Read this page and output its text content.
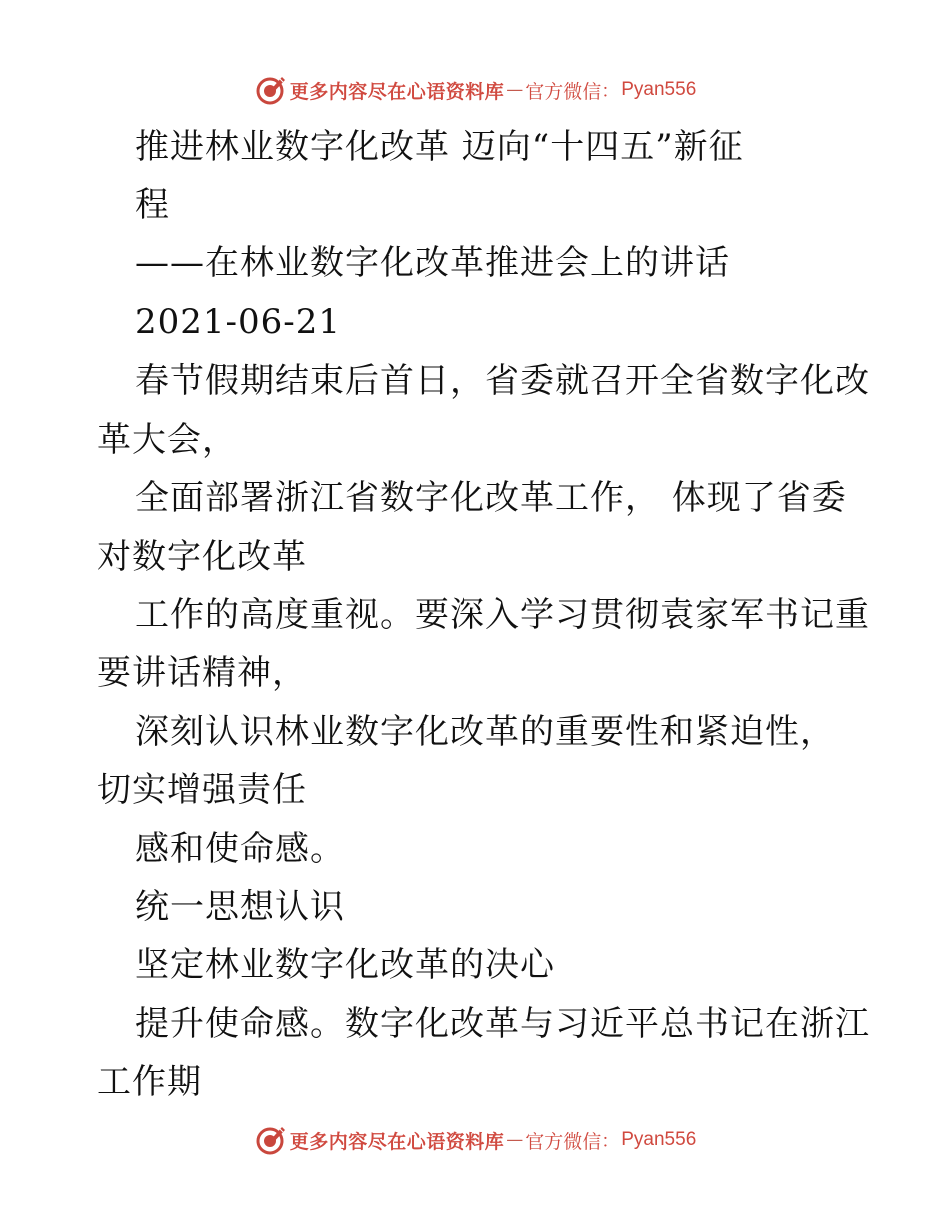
更多内容尽在心语资料库 — 官方微信 ： Pyan556
推进林业数字化改革 迈向“十四五”新征
程
——在林业数字化改革推进会上的讲话
2021-06-21
春节假期结束后首日，省委就召开全省数字化改
革大会，
全面部署浙江省数字化改革工作， 体现了省委
对数字化改革
工作的高度重视。要深入学习贯彻袁家军书记重
要讲话精神，
深刻认识林业数字化改革的重要性和紧迫性，
切实增强责任
感和使命感。
统一思想认识
坚定林业数字化改革的决心
提升使命感。数字化改革与习近平总书记在浙江
工作期
更多内容尽在心语资料库 — 官方微信 ： Pyan556
